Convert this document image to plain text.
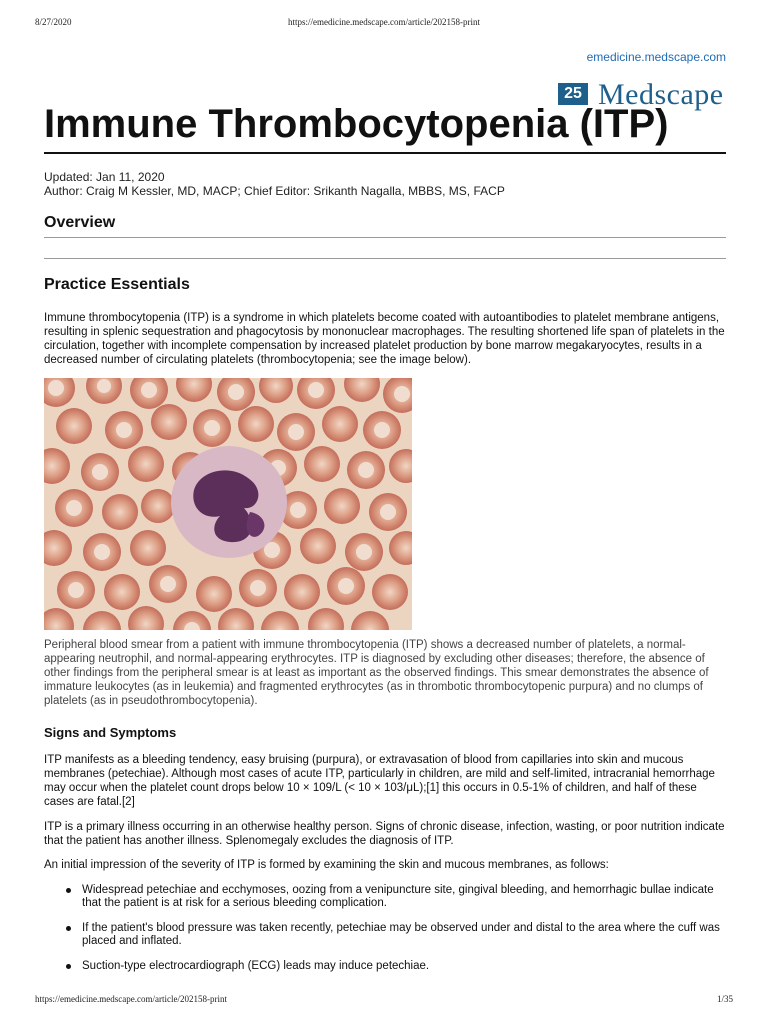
8/27/2020	https://emedicine.medscape.com/article/202158-print
emedicine.medscape.com
25 Medscape
Immune Thrombocytopenia (ITP)
Updated: Jan 11, 2020
Author: Craig M Kessler, MD, MACP; Chief Editor: Srikanth Nagalla, MBBS, MS, FACP
Overview
Practice Essentials

Immune thrombocytopenia (ITP) is a syndrome in which platelets become coated with autoantibodies to platelet membrane antigens, resulting in splenic sequestration and phagocytosis by mononuclear macrophages. The resulting shortened life span of platelets in the circulation, together with incomplete compensation by increased platelet production by bone marrow megakaryocytes, results in a decreased number of circulating platelets (thrombocytopenia; see the image below).

Peripheral blood smear from a patient with immune thrombocytopenia (ITP) shows a decreased number of platelets, a normal-appearing neutrophil, and normal-appearing erythrocytes. ITP is diagnosed by excluding other diseases; therefore, the absence of other findings from the peripheral smear is at least as important as the observed findings. This smear demonstrates the absence of immature leukocytes (as in leukemia) and fragmented erythrocytes (as in thrombotic thrombocytopenic purpura) and no clumps of platelets (as in pseudothrombocytopenia).

Signs and Symptoms

ITP manifests as a bleeding tendency, easy bruising (purpura), or extravasation of blood from capillaries into skin and mucous membranes (petechiae). Although most cases of acute ITP, particularly in children, are mild and self-limited, intracranial hemorrhage may occur when the platelet count drops below 10 × 109/L (< 10 × 103/μL);[1] this occurs in 0.5-1% of children, and half of these cases are fatal.[2]

ITP is a primary illness occurring in an otherwise healthy person. Signs of chronic disease, infection, wasting, or poor nutrition indicate that the patient has another illness. Splenomegaly excludes the diagnosis of ITP.

An initial impression of the severity of ITP is formed by examining the skin and mucous membranes, as follows:

Widespread petechiae and ecchymoses, oozing from a venipuncture site, gingival bleeding, and hemorrhagic bullae indicate that the patient is at risk for a serious bleeding complication.
If the patient's blood pressure was taken recently, petechiae may be observed under and distal to the area where the cuff was placed and inflated.
Suction-type electrocardiograph (ECG) leads may induce petechiae.
https://emedicine.medscape.com/article/202158-print	1/35
